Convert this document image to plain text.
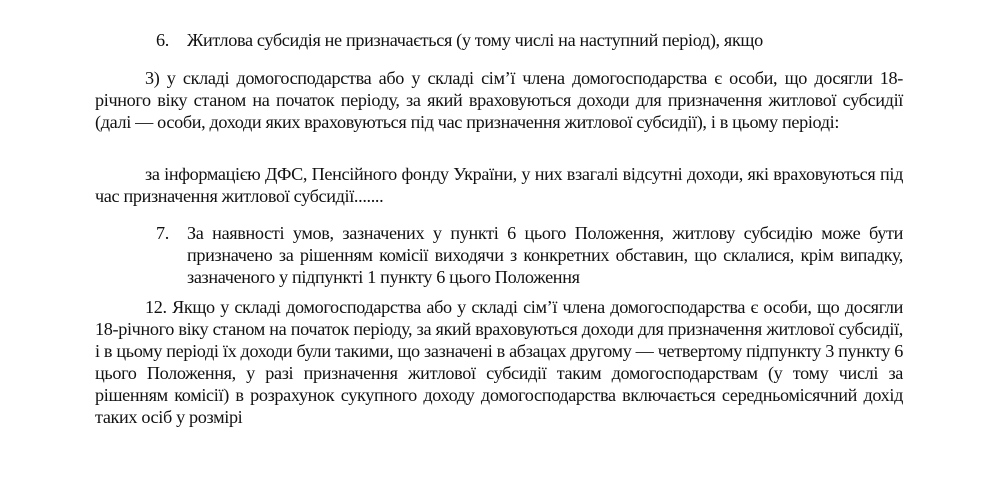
6. Житлова субсидія не призначається (у тому числі на наступний період), якщо
3) у складі домогосподарства або у складі сім’ї члена домогосподарства є особи, що досягли 18-річного віку станом на початок періоду, за який враховуються доходи для призначення житлової субсидії (далі — особи, доходи яких враховуються під час призначення житлової субсидії), і в цьому періоді:
за інформацією ДФС, Пенсійного фонду України, у них взагалі відсутні доходи, які враховуються під час призначення житлової субсидії.......
7. За наявності умов, зазначених у пункті 6 цього Положення, житлову субсидію може бути призначено за рішенням комісії виходячи з конкретних обставин, що склалися, крім випадку, зазначеного у підпункті 1 пункту 6 цього Положення
12. Якщо у складі домогосподарства або у складі сім’ї члена домогосподарства є особи, що досягли 18-річного віку станом на початок періоду, за який враховуються доходи для призначення житлової субсидії, і в цьому періоді їх доходи були такими, що зазначені в абзацах другому — четвертому підпункту 3 пункту 6 цього Положення, у разі призначення житлової субсидії таким домогосподарствам (у тому числі за рішенням комісії) в розрахунок сукупного доходу домогосподарства включається середньомісячний дохід таких осіб у розмірі
